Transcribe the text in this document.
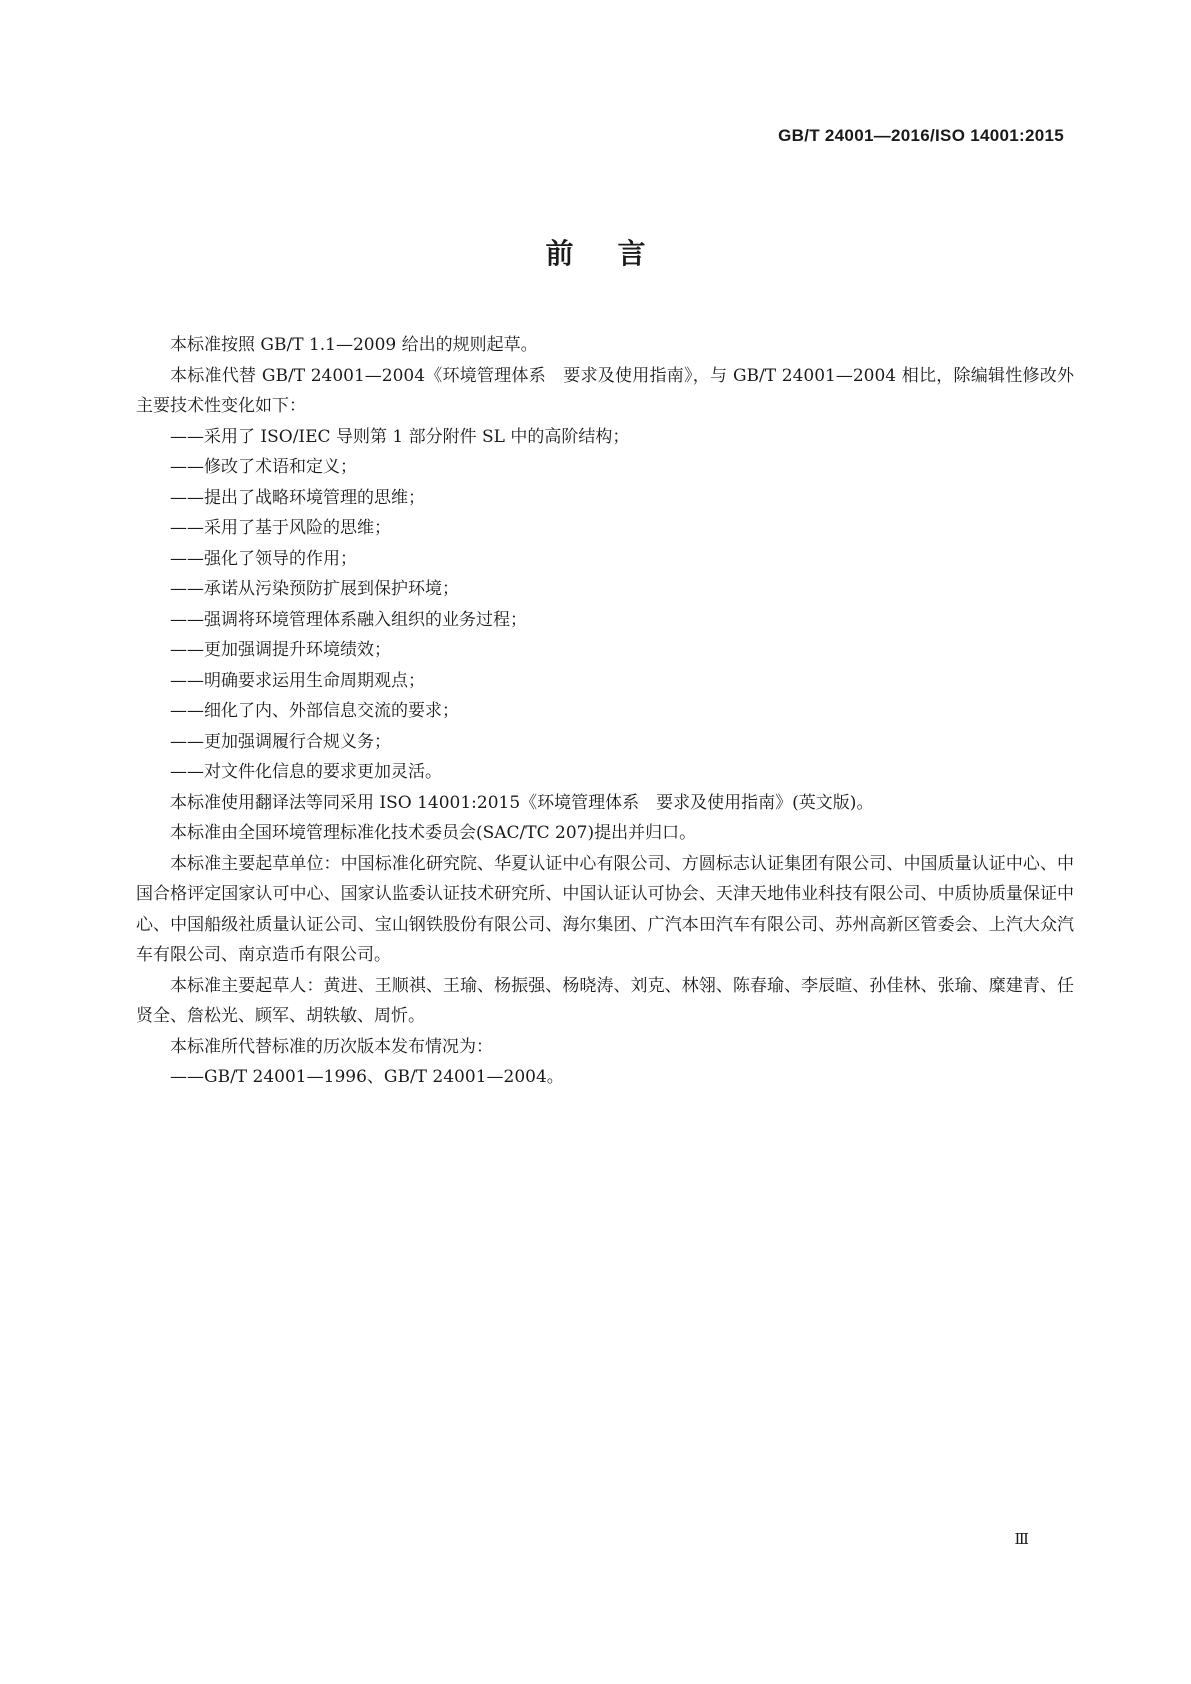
GB/T 24001—2016/ISO 14001:2015
前言

本标准按照 GB/T 1.1—2009 给出的规则起草。

本标准代替 GB/T 24001—2004《环境管理体系　要求及使用指南》，与 GB/T 24001—2004 相比，除编辑性修改外主要技术性变化如下：

——采用了 ISO/IEC 导则第 1 部分附件 SL 中的高阶结构；

——修改了术语和定义；

——提出了战略环境管理的思维；

——采用了基于风险的思维；

——强化了领导的作用；

——承诺从污染预防扩展到保护环境；

——强调将环境管理体系融入组织的业务过程；

——更加强调提升环境绩效；

——明确要求运用生命周期观点；

——细化了内、外部信息交流的要求；

——更加强调履行合规义务；

——对文件化信息的要求更加灵活。

本标准使用翻译法等同采用 ISO 14001:2015《环境管理体系　要求及使用指南》(英文版)。

本标准由全国环境管理标准化技术委员会(SAC/TC 207)提出并归口。

本标准主要起草单位：中国标准化研究院、华夏认证中心有限公司、方圆标志认证集团有限公司、中国质量认证中心、中国合格评定国家认可中心、国家认监委认证技术研究所、中国认证认可协会、天津天地伟业科技有限公司、中质协质量保证中心、中国船级社质量认证公司、宝山钢铁股份有限公司、海尔集团、广汽本田汽车有限公司、苏州高新区管委会、上汽大众汽车有限公司、南京造币有限公司。

本标准主要起草人：黄进、王顺祺、王瑜、杨振强、杨晓涛、刘克、林翎、陈春瑜、李辰暄、孙佳林、张瑜、糜建青、任贤全、詹松光、顾军、胡轶敏、周忻。

本标准所代替标准的历次版本发布情况为：

——GB/T 24001—1996、GB/T 24001—2004。

Ⅲ
